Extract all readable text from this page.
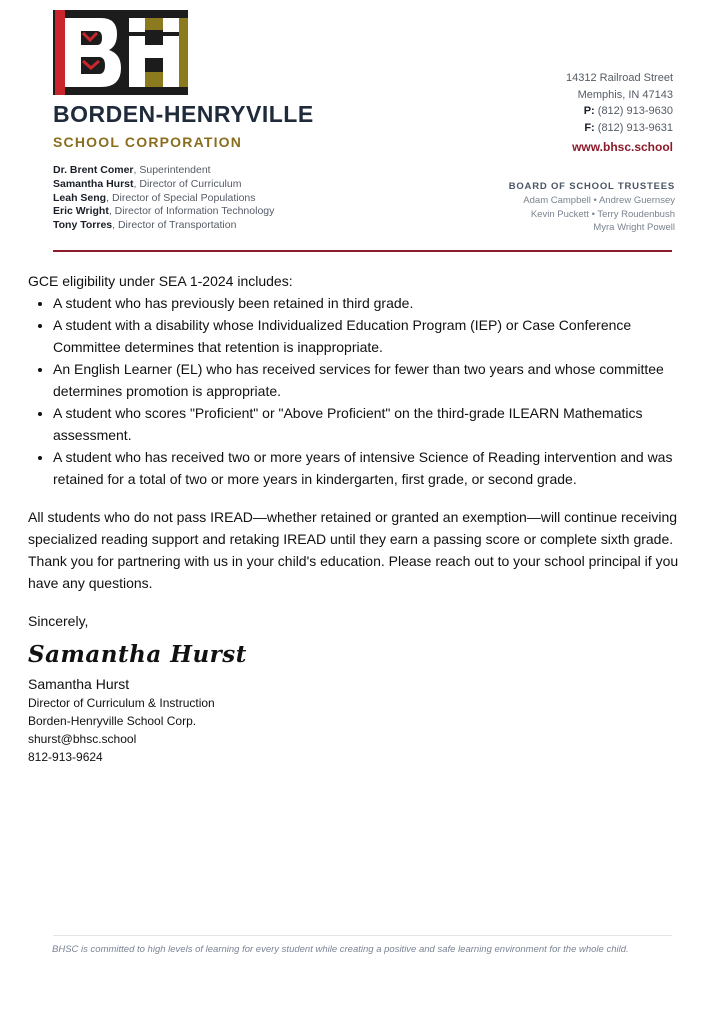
BORDEN-HENRYVILLE
SCHOOL CORPORATION
Dr. Brent Comer, Superintendent
Samantha Hurst, Director of Curriculum
Leah Seng, Director of Special Populations
Eric Wright, Director of Information Technology
Tony Torres, Director of Transportation
14312 Railroad Street
Memphis, IN 47143
P: (812) 913-9630
F: (812) 913-9631
www.bhsc.school
BOARD OF SCHOOL TRUSTEES
Adam Campbell • Andrew Guernsey
Kevin Puckett • Terry Roudenbush
Myra Wright Powell

GCE eligibility under SEA 1-2024 includes:

• A student who has previously been retained in third grade.
• A student with a disability whose Individualized Education Program (IEP) or Case Conference Committee determines that retention is inappropriate.
• An English Learner (EL) who has received services for fewer than two years and whose committee determines promotion is appropriate.
• A student who scores "Proficient" or "Above Proficient" on the third-grade ILEARN Mathematics assessment.
• A student who has received two or more years of intensive Science of Reading intervention and was retained for a total of two or more years in kindergarten, first grade, or second grade.

All students who do not pass IREAD—whether retained or granted an exemption—will continue receiving specialized reading support and retaking IREAD until they earn a passing score or complete sixth grade. Thank you for partnering with us in your child's education. Please reach out to your school principal if you have any questions.

Sincerely,

Samantha Hurst
Samantha Hurst
Director of Curriculum & Instruction
Borden-Henryville School Corp.
shurst@bhsc.school
812-913-9624
BHSC is committed to high levels of learning for every student while creating a positive and safe learning environment for the whole child.
